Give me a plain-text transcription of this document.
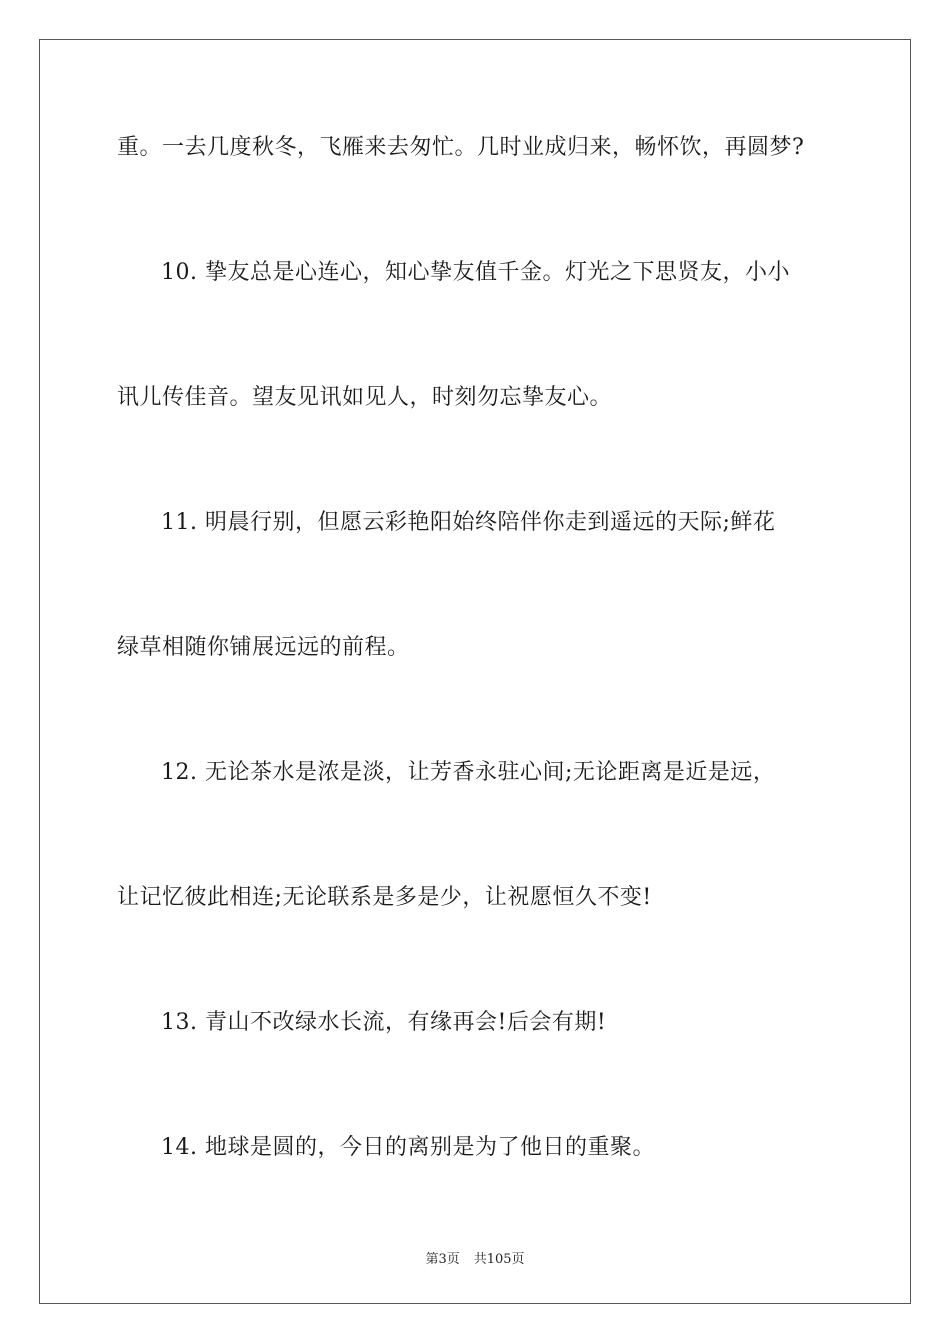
重。一去几度秋冬，飞雁来去匆忙。几时业成归来，畅怀饮，再圆梦?
10. 挚友总是心连心，知心挚友值千金。灯光之下思贤友，小小
讯儿传佳音。望友见讯如见人，时刻勿忘挚友心。
11. 明晨行别，但愿云彩艳阳始终陪伴你走到遥远的天际;鲜花
绿草相随你铺展远远的前程。
12. 无论茶水是浓是淡，让芳香永驻心间;无论距离是近是远，
让记忆彼此相连;无论联系是多是少，让祝愿恒久不变!
13. 青山不改绿水长流，有缘再会!后会有期!
14. 地球是圆的，今日的离别是为了他日的重聚。
第3页 共105页
